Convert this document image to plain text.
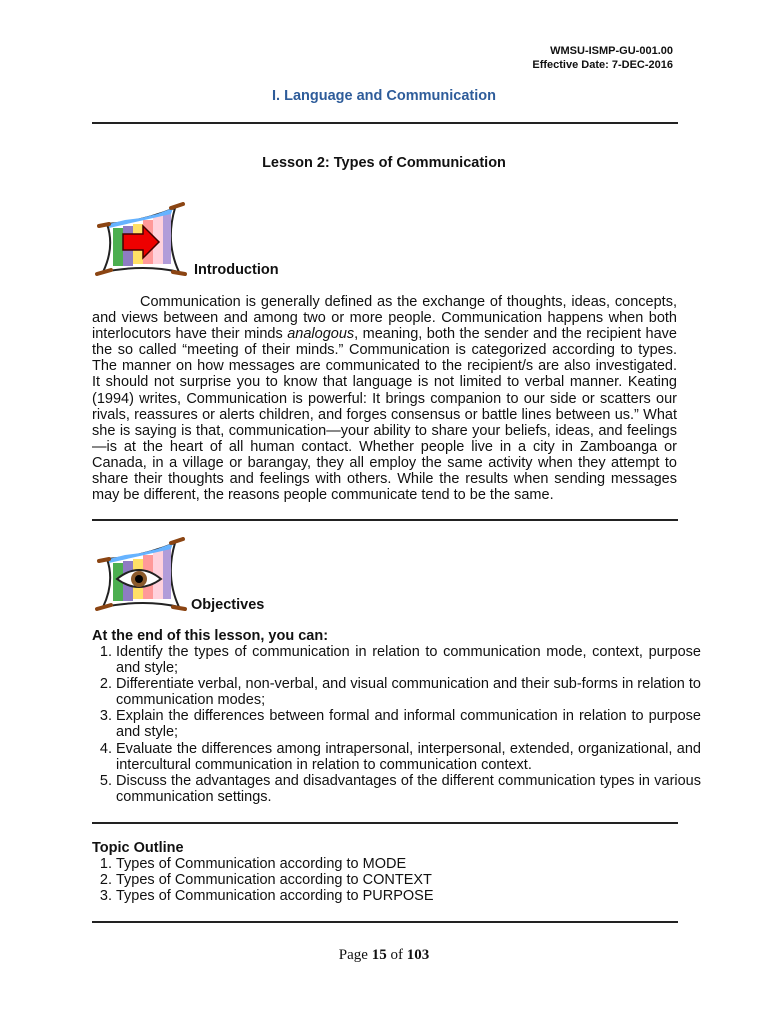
WMSU-ISMP-GU-001.00
Effective Date: 7-DEC-2016
I. Language and Communication
Lesson 2: Types of Communication
Introduction
Communication is generally defined as the exchange of thoughts, ideas, concepts, and views between and among two or more people. Communication happens when both interlocutors have their minds analogous, meaning, both the sender and the recipient have the so called “meeting of their minds.” Communication is categorized according to types. The manner on how messages are communicated to the recipient/s are also investigated. It should not surprise you to know that language is not limited to verbal manner. Keating (1994) writes, Communication is powerful: It brings companion to our side or scatters our rivals, reassures or alerts children, and forges consensus or battle lines between us.” What she is saying is that, communication—your ability to share your beliefs, ideas, and feelings—is at the heart of all human contact. Whether people live in a city in Zamboanga or Canada, in a village or barangay, they all employ the same activity when they attempt to share their thoughts and feelings with others. While the results when sending messages may be different, the reasons people communicate tend to be the same.
Objectives
At the end of this lesson, you can:
1. Identify the types of communication in relation to communication mode, context, purpose and style;
2. Differentiate verbal, non-verbal, and visual communication and their sub-forms in relation to communication modes;
3. Explain the differences between formal and informal communication in relation to purpose and style;
4. Evaluate the differences among intrapersonal, interpersonal, extended, organizational, and intercultural communication in relation to communication context.
5. Discuss the advantages and disadvantages of the different communication types in various communication settings.
Topic Outline
1. Types of Communication according to MODE
2. Types of Communication according to CONTEXT
3. Types of Communication according to PURPOSE
Page 15 of 103
